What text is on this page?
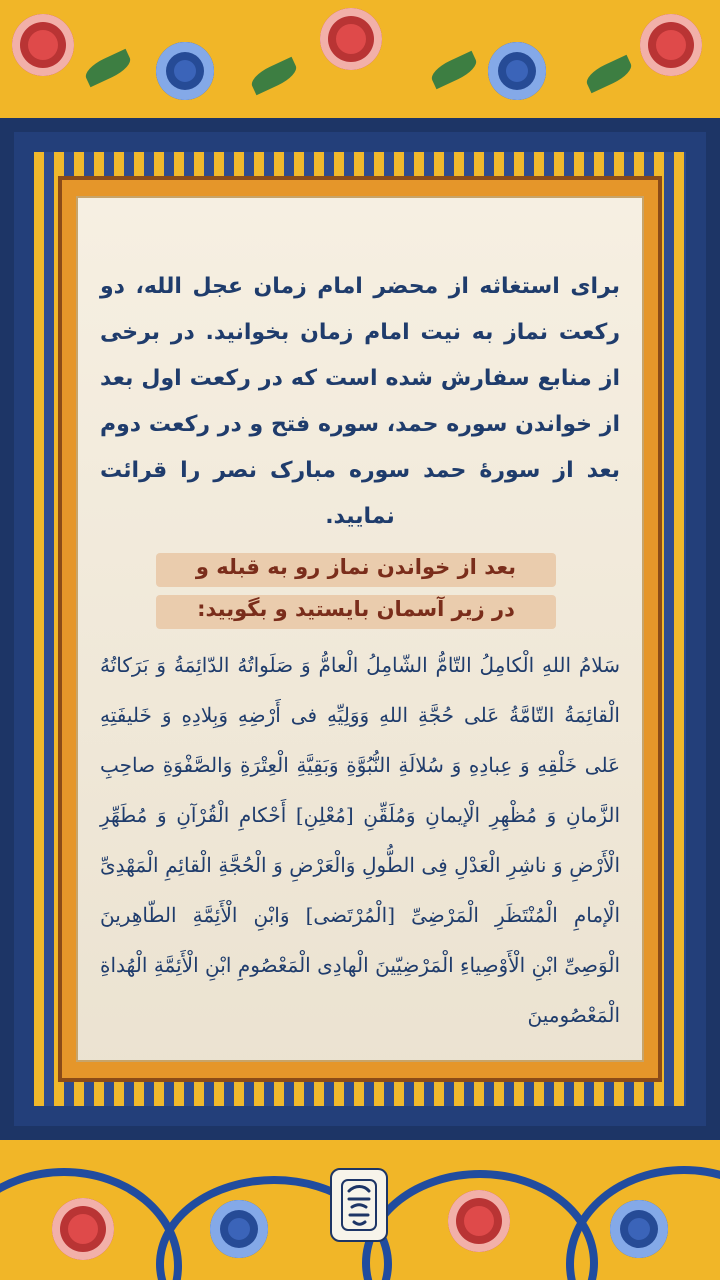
برای استغاثه از محضر امام زمان عجل الله، دو رکعت نماز به نیت امام زمان بخوانید. در برخی از منابع سفارش شده است که در رکعت اول بعد از خواندن سوره حمد، سوره فتح و در رکعت دوم بعد از سورهٔ حمد سوره مبارک نصر را قرائت نمایید.

بعد از خواندن نماز رو به قبله و
در زیر آسمان بایستید و بگویید:

سَلامُ اللهِ الْکامِلُ التّامُّ الشّامِلُ الْعامُّ وَ صَلَواتُهُ الدّائِمَةُ وَ بَرَکاتُهُ الْقائِمَةُ التّامَّةُ عَلی حُجَّةِ اللهِ وَوَلِیِّهِ فی أَرْضِهِ وَبِلادِهِ وَ خَلیفَتِهِ عَلی خَلْقِهِ وَ عِبادِهِ وَ سُلالَةِ النُّبُوَّةِ وَبَقِیَّةِ الْعِتْرَةِ وَالصَّفْوَةِ صاحِبِ الزَّمانِ وَ مُظْهِرِ الْإیمانِ وَمُلَقِّنِ [مُعْلِنِ] أَحْکامِ الْقُرْآنِ وَ مُطَهِّرِ الْأَرْضِ وَ ناشِرِ الْعَدْلِ فِی الطُّولِ وَالْعَرْضِ وَ الْحُجَّةِ الْقائِمِ الْمَهْدِیِّ الْإمامِ الْمُنْتَظَرِ الْمَرْضِیِّ [الْمُرْتَضی] وَابْنِ الْأَئِمَّةِ الطّاهِرینَ الْوَصِیِّ ابْنِ الْأَوْصِیاءِ الْمَرْضِیّینَ الْهادِی الْمَعْصُومِ ابْنِ الْأَئِمَّةِ الْهُداةِ الْمَعْصُومینَ
